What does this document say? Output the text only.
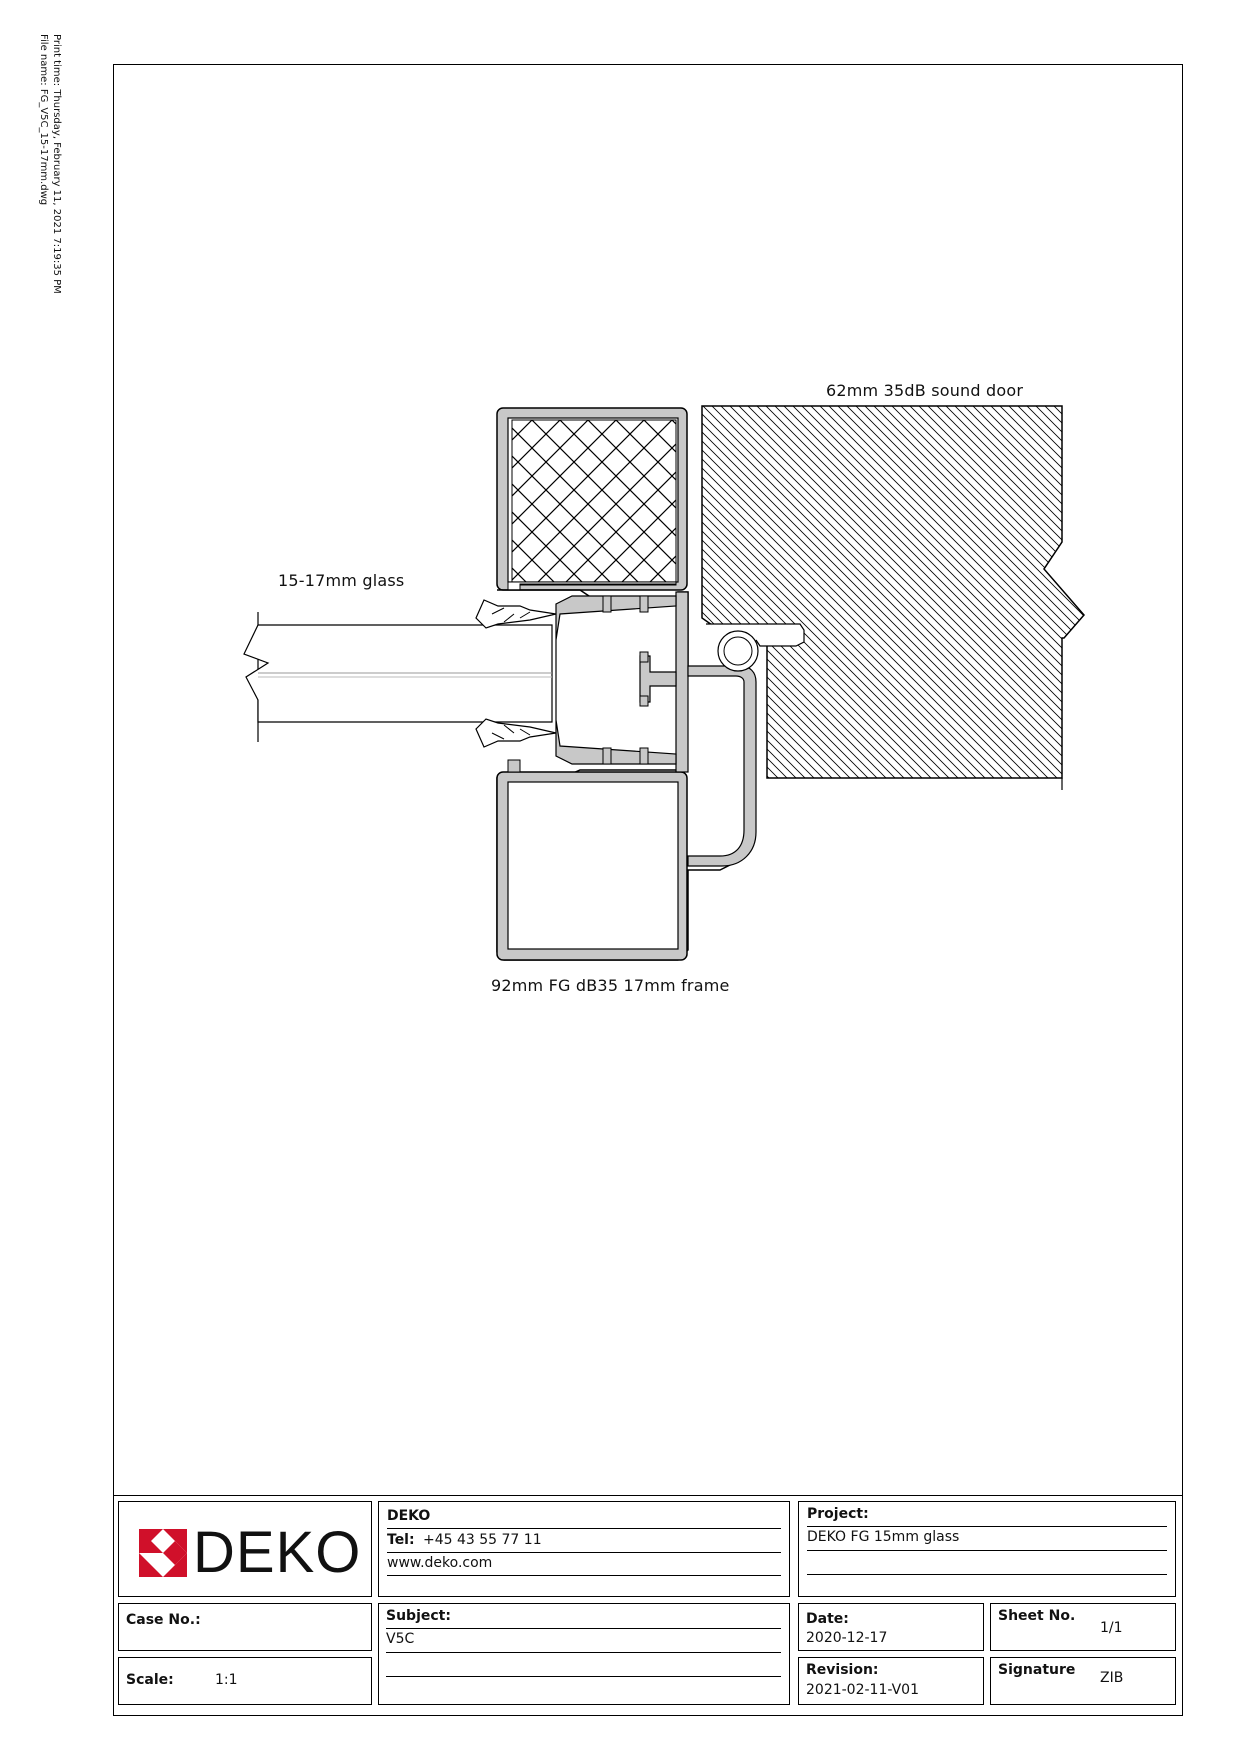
Print time: Thursday, February 11, 2021 7:19:35 PM
File name: FG_V5C_15-17mm.dwg
62mm 35dB sound door
15-17mm glass
92mm FG dB35 17mm frame
DEKO
DEKO
Tel: +45 43 55 77 11
www.deko.com
Project:
DEKO FG 15mm glass
Case No.:
Scale:	1:1
Subject:
V5C
Date:
2020-12-17
Sheet No.
1/1
Revision:
2021-02-11-V01
Signature ZIB
